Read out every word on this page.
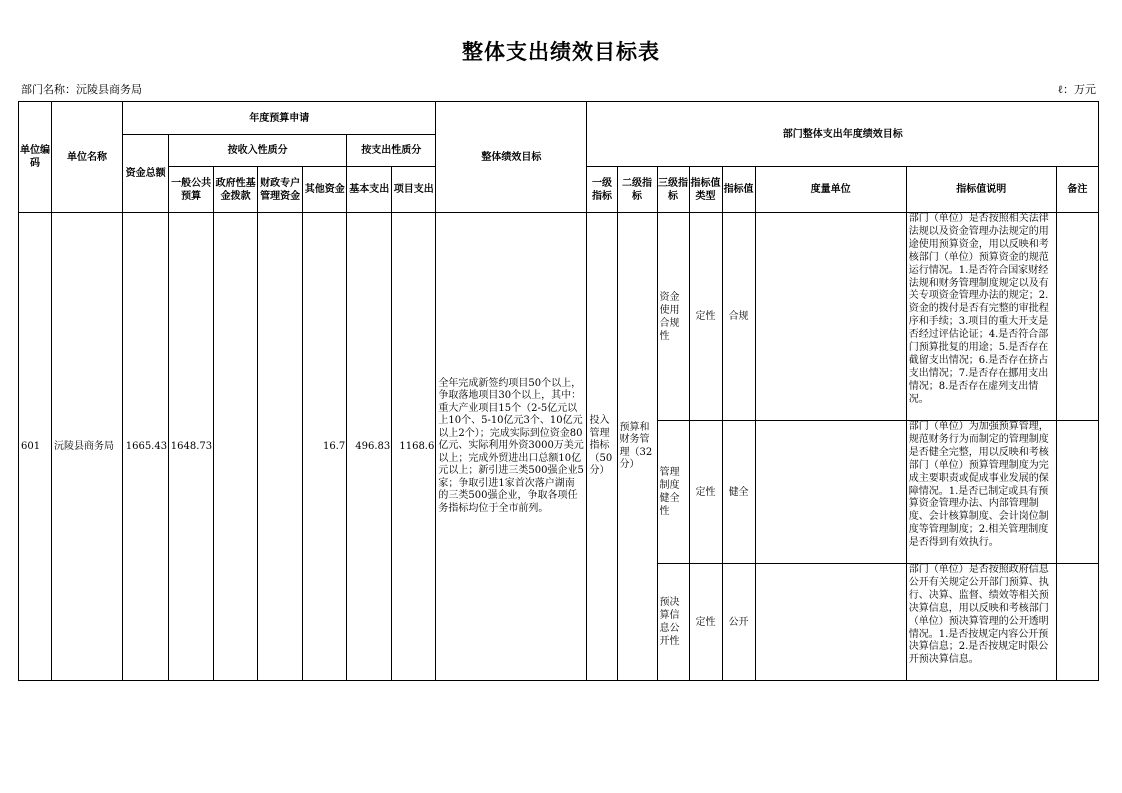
整体支出绩效目标表
部门名称：沅陵县商务局	ℓ：万元
单位编码	单位名称	年度预算申请							整体绩效目标	部门整体支出年度绩效目标							
		资金总额	按收入性质分				按支出性质分										
			一般公共预算	政府性基金拨款	财政专户管理资金	其他资金	基本支出	项目支出		一级指标	二级指标	三级指标	指标值类型	指标值	度量单位	指标值说明	备注
601	沅陵县商务局	1665.43	1648.73			16.7	496.83	1168.6	全年完成新签约项目50个以上，争取落地项目30个以上，其中：重大产业项目15个（2-5亿元以上10个、5-10亿元3个、10亿元以上2个）；完成实际到位资金80亿元、实际利用外资3000万美元以上；完成外贸进出口总额10亿元以上；新引进三类500强企业5家；争取引进1家首次落户湖南的三类500强企业，争取各项任务指标均位于全市前列。	投入管理指标（50分）	预算和财务管理（32分）	资金使用合规性	定性	合规		部门（单位）是否按照相关法律法规以及资金管理办法规定的用途使用预算资金，用以反映和考核部门（单位）预算资金的规范运行情况。1.是否符合国家财经法规和财务管理制度规定以及有关专项资金管理办法的规定；2.资金的拨付是否有完整的审批程序和手续；3.项目的重大开支是否经过评估论证；4.是否符合部门预算批复的用途；5.是否存在截留支出情况；6.是否存在挤占支出情况；7.是否存在挪用支出情况；8.是否存在虚列支出情况。	

												管理制度健全性	定性	健全		部门（单位）为加强预算管理，规范财务行为而制定的管理制度是否健全完整，用以反映和考核部门（单位）预算管理制度为完成主要职责或促成事业发展的保障情况。1.是否已制定或具有预算资金管理办法、内部管理制度、会计核算制度、会计岗位制度等管理制度；2.相关管理制度是否得到有效执行。	

												预决算信息公开性	定性	公开		部门（单位）是否按照政府信息公开有关规定公开部门预算、执行、决算、监督、绩效等相关预决算信息，用以反映和考核部门（单位）预决算管理的公开透明情况。1.是否按规定内容公开预决算信息；2.是否按规定时限公开预决算信息。	
